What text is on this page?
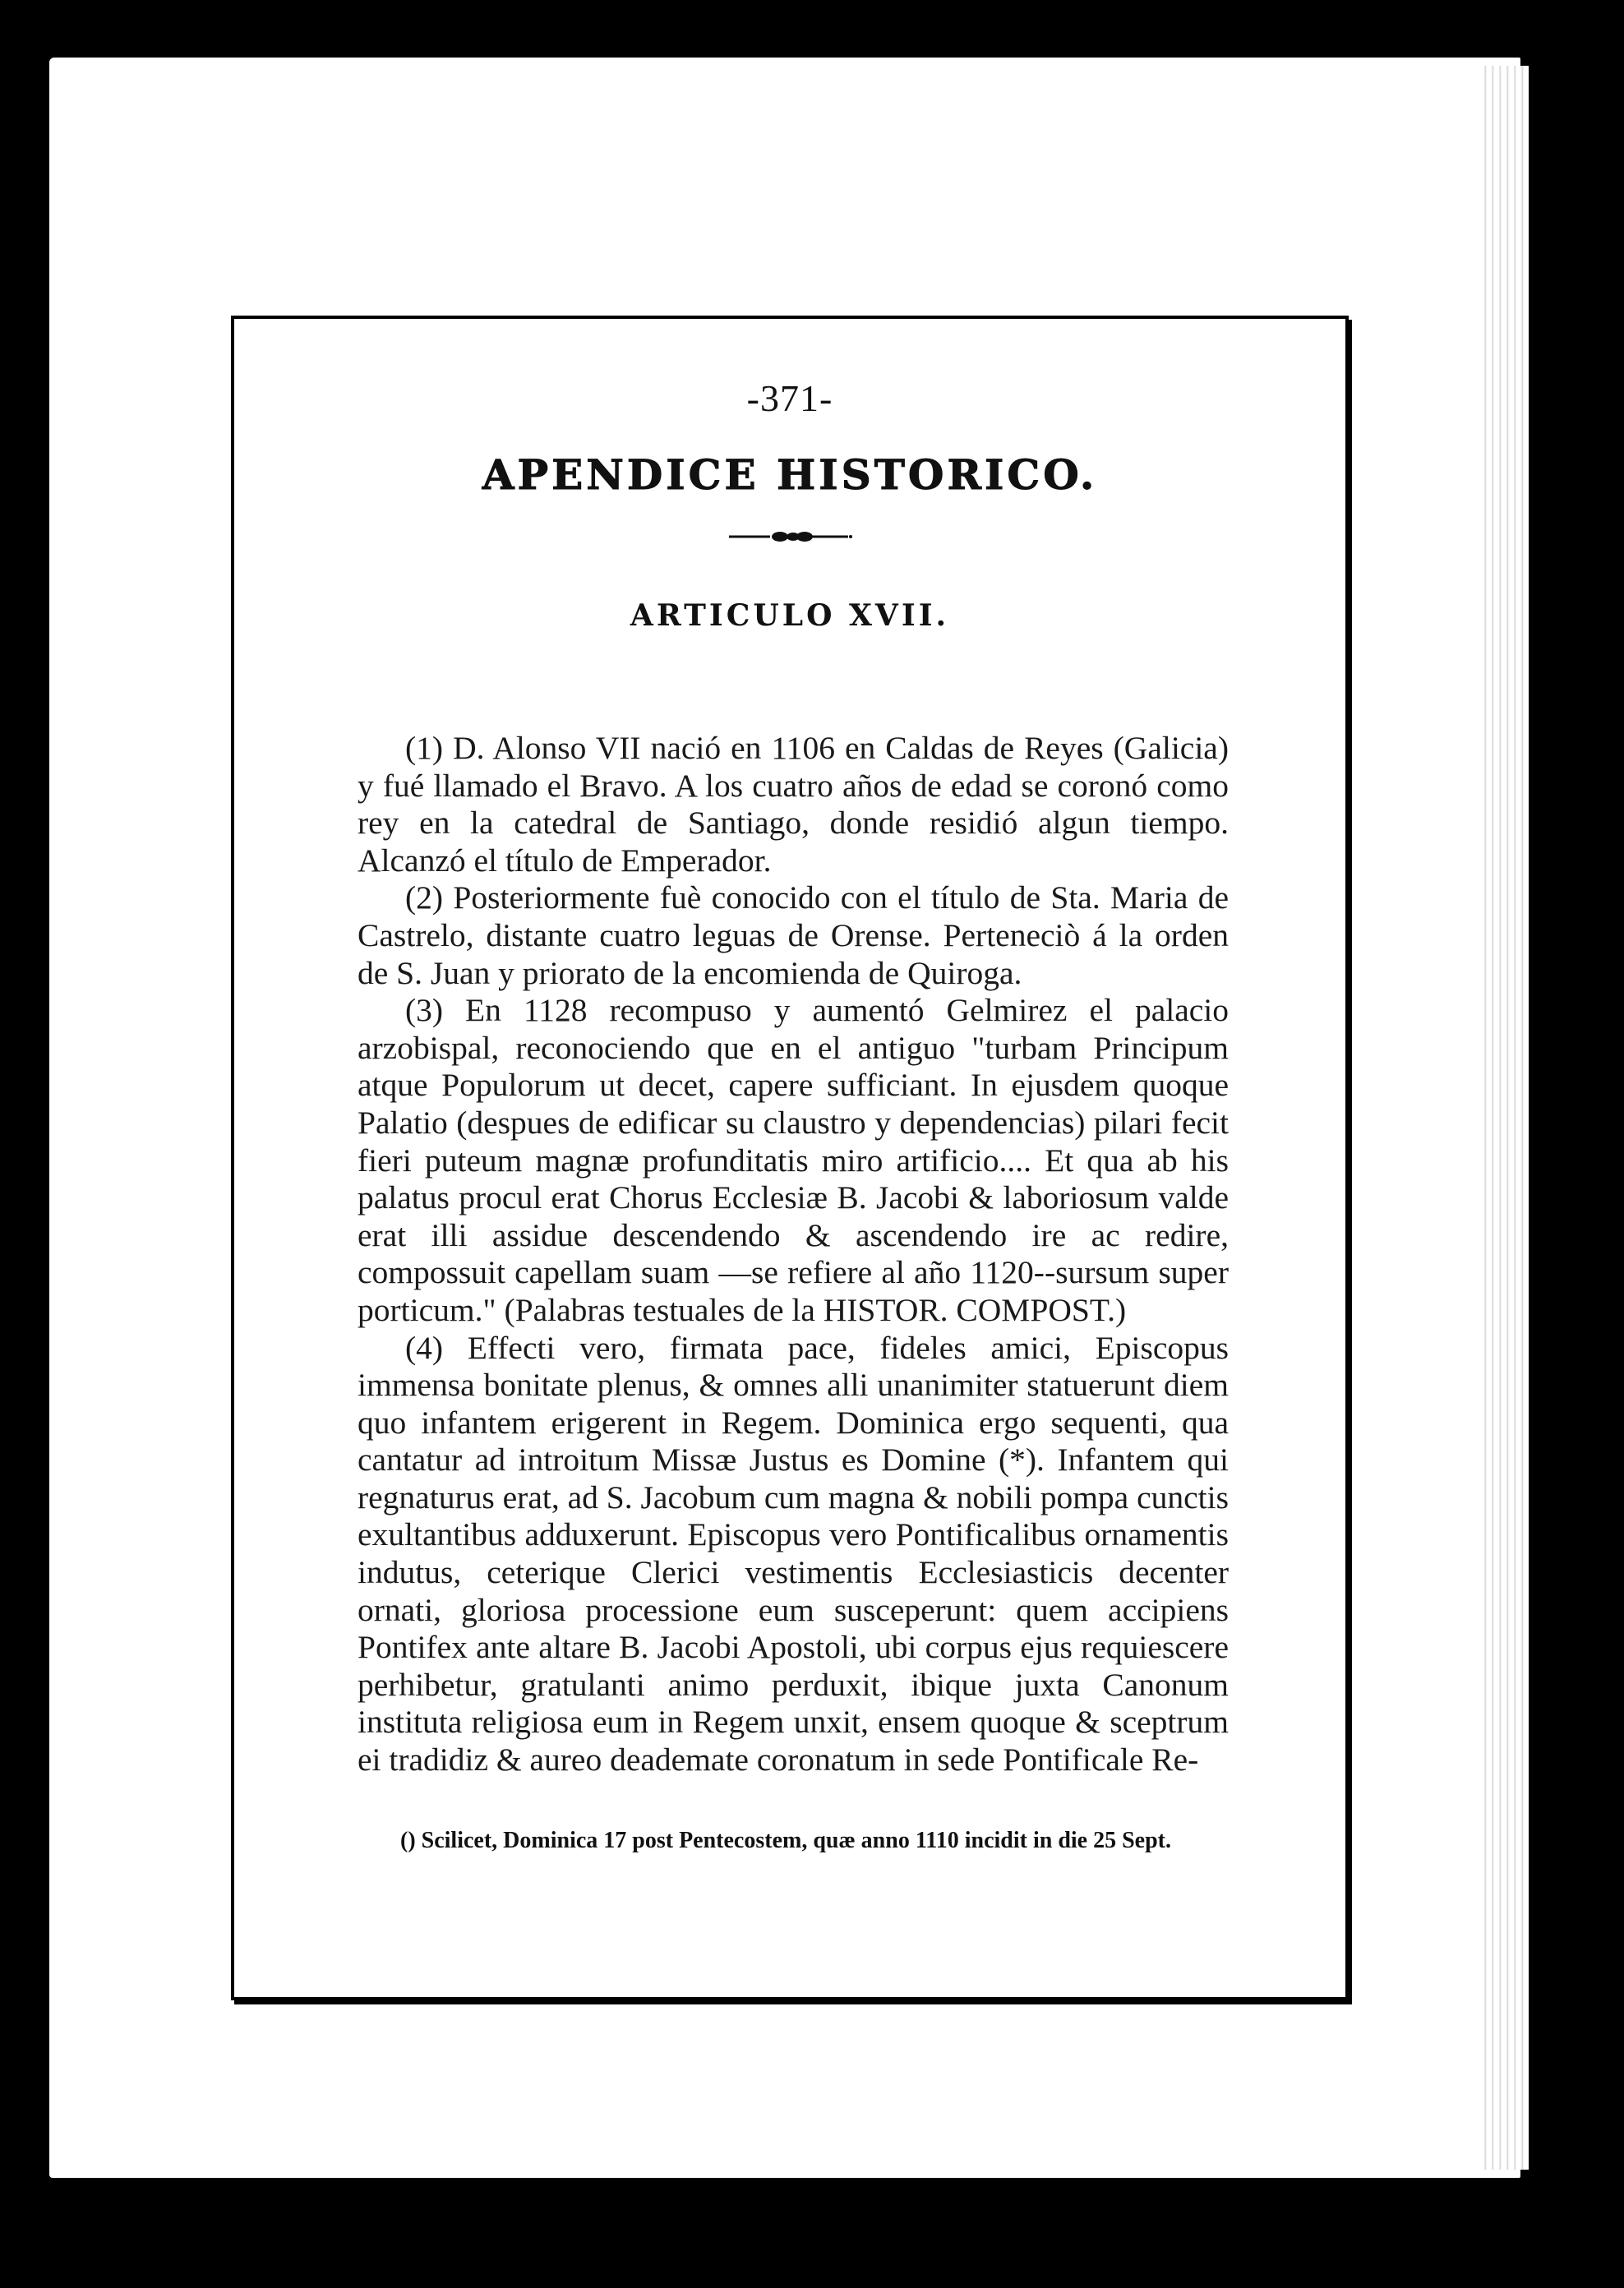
-371-
APENDICE HISTORICO.
ARTICULO XVII.

(1) D. Alonso VII nació en 1106 en Caldas de Reyes (Galicia) y fué llamado el Bravo. A los cuatro años de edad se coronó como rey en la catedral de Santiago, donde residió algun tiempo. Alcanzó el título de Emperador.

(2) Posteriormente fuè conocido con el título de Sta. Maria de Castrelo, distante cuatro leguas de Orense. Perteneciò á la orden de S. Juan y priorato de la encomienda de Quiroga.

(3) En 1128 recompuso y aumentó Gelmirez el palacio arzobispal, reconociendo que en el antiguo "turbam Principum atque Populorum ut decet, capere sufficiant. In ejusdem quoque Palatio (despues de edificar su claustro y dependencias) pilari fecit fieri puteum magnæ profunditatis miro artificio.... Et qua ab his palatus procul erat Chorus Ecclesiæ B. Jacobi & laboriosum valde erat illi assidue descendendo & ascendendo ire ac redire, compossuit capellam suam —se refiere al año 1120--sursum super porticum." (Palabras testuales de la HISTOR. COMPOST.)

(4) Effecti vero, firmata pace, fideles amici, Episcopus immensa bonitate plenus, & omnes alli unanimiter statuerunt diem quo infantem erigerent in Regem. Dominica ergo sequenti, qua cantatur ad introitum Missæ Justus es Domine (*). Infantem qui regnaturus erat, ad S. Jacobum cum magna & nobili pompa cunctis exultantibus adduxerunt. Episcopus vero Pontificalibus ornamentis indutus, ceterique Clerici vestimentis Ecclesiasticis decenter ornati, gloriosa processione eum susceperunt: quem accipiens Pontifex ante altare B. Jacobi Apostoli, ubi corpus ejus requiescere perhibetur, gratulanti animo perduxit, ibique juxta Canonum instituta religiosa eum in Regem unxit, ensem quoque & sceptrum ei tradidiz & aureo deademate coronatum in sede Pontificale Re-

() Scilicet, Dominica 17 post Pentecostem, quæ anno 1110 incidit in die 25 Sept.
